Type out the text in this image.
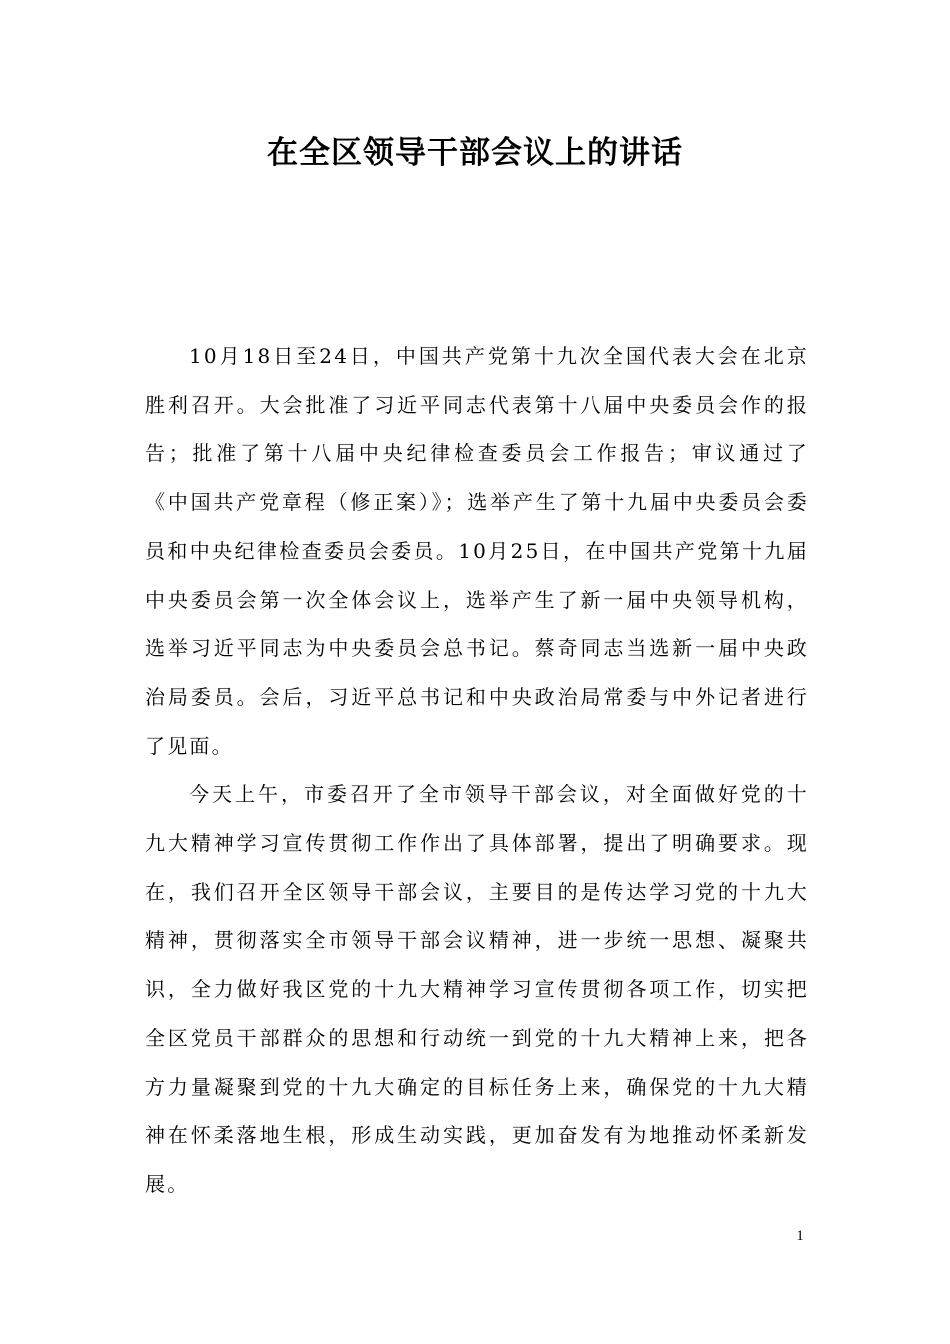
在全区领导干部会议上的讲话

10月18日至24日，中国共产党第十九次全国代表大会在北京胜利召开。大会批准了习近平同志代表第十八届中央委员会作的报告；批准了第十八届中央纪律检查委员会工作报告；审议通过了《中国共产党章程（修正案）》；选举产生了第十九届中央委员会委员和中央纪律检查委员会委员。10月25日，在中国共产党第十九届中央委员会第一次全体会议上，选举产生了新一届中央领导机构，选举习近平同志为中央委员会总书记。蔡奇同志当选新一届中央政治局委员。会后，习近平总书记和中央政治局常委与中外记者进行了见面。

今天上午，市委召开了全市领导干部会议，对全面做好党的十九大精神学习宣传贯彻工作作出了具体部署，提出了明确要求。现在，我们召开全区领导干部会议，主要目的是传达学习党的十九大精神，贯彻落实全市领导干部会议精神，进一步统一思想、凝聚共识，全力做好我区党的十九大精神学习宣传贯彻各项工作，切实把全区党员干部群众的思想和行动统一到党的十九大精神上来，把各方力量凝聚到党的十九大确定的目标任务上来，确保党的十九大精神在怀柔落地生根，形成生动实践，更加奋发有为地推动怀柔新发展。

1
